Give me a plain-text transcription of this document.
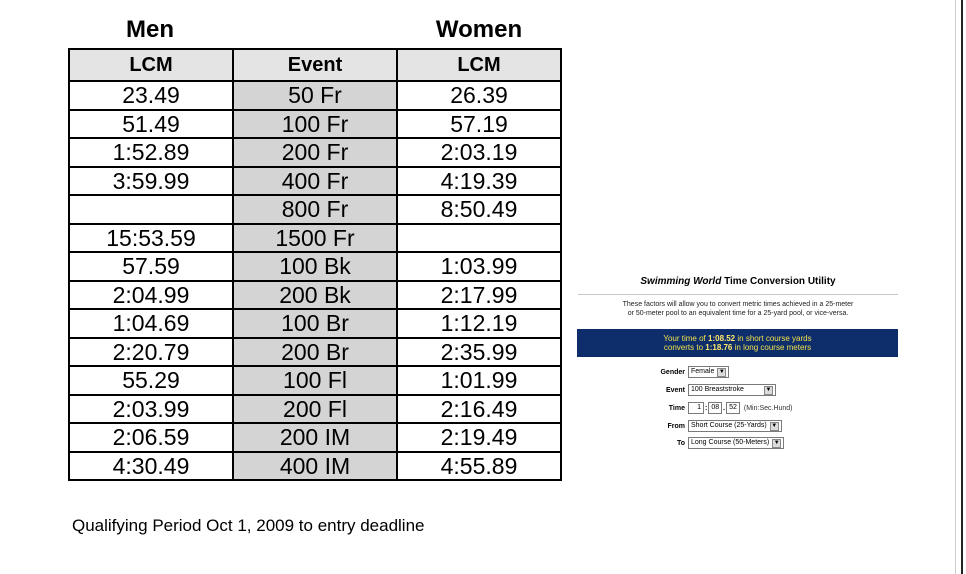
Men	Women
LCM	Event	LCM
23.49	50 Fr	26.39
51.49	100 Fr	57.19
1:52.89	200 Fr	2:03.19
3:59.99	400 Fr	4:19.39
	800 Fr	8:50.49
15:53.59	1500 Fr	
57.59	100 Bk	1:03.99
2:04.99	200 Bk	2:17.99
1:04.69	100 Br	1:12.19
2:20.79	200 Br	2:35.99
55.29	100 Fl	1:01.99
2:03.99	200 Fl	2:16.49
2:06.59	200 IM	2:19.49
4:30.49	400 IM	4:55.89
Qualifying Period Oct 1, 2009 to entry deadline
Swimming World Time Conversion Utility
These factors will allow you to convert metric times achieved in a 25-meter
or 50-meter pool to an equivalent time for a 25-yard pool, or vice-versa.
Your time of 1:08.52 in short course yards
converts to 1:18.76 in long course meters
Gender Female ▼
Event 100 Breaststroke	▼
Time	1 : 08 . 52	(Min:Sec.Hund)
From Short Course (25-Yards) ▼
To Long Course (50-Meters) ▼
